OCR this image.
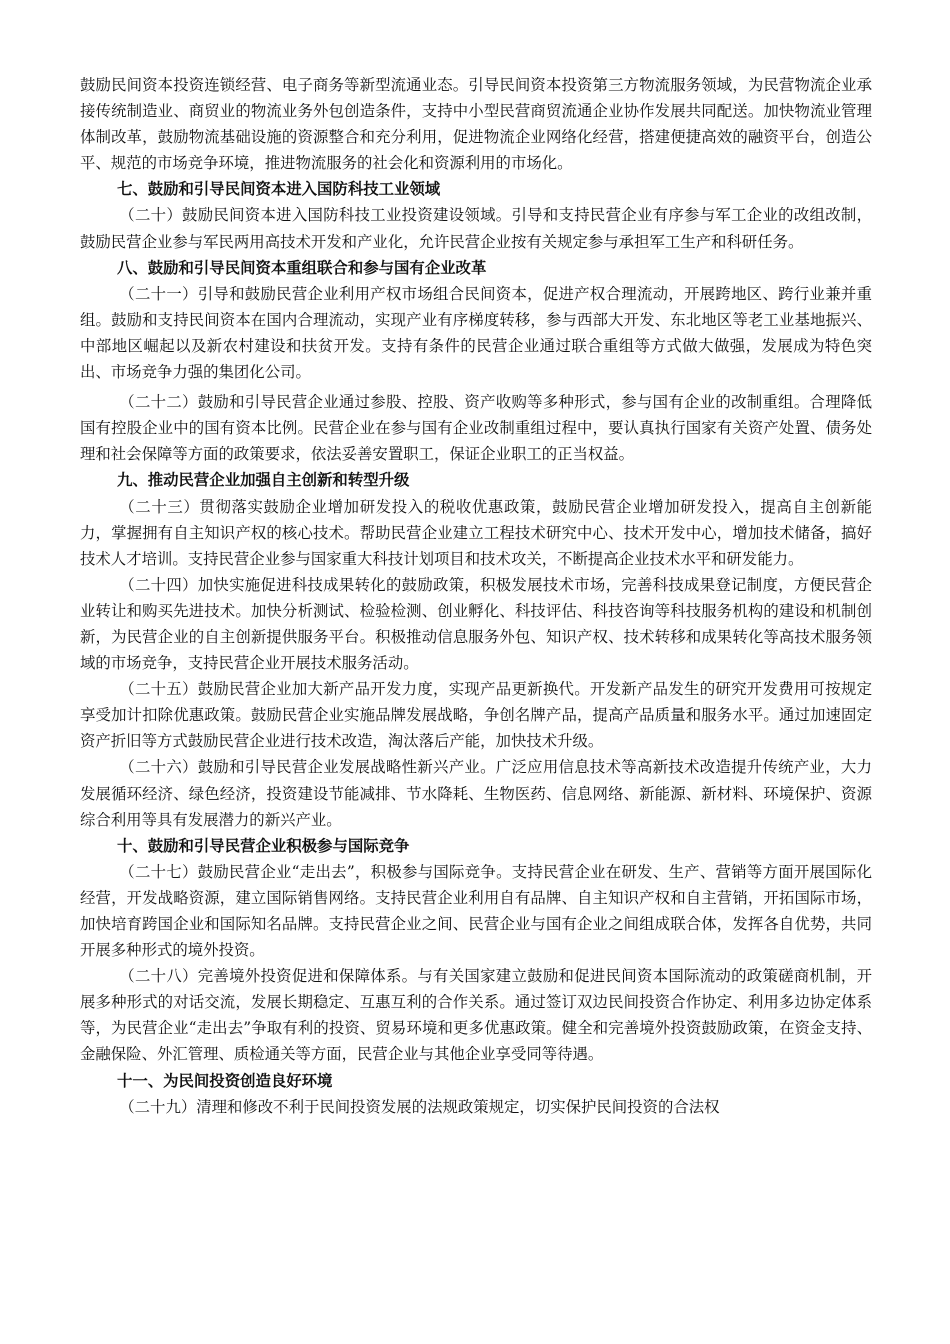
鼓励民间资本投资连锁经营、电子商务等新型流通业态。引导民间资本投资第三方物流服务领域，为民营物流企业承接传统制造业、商贸业的物流业务外包创造条件，支持中小型民营商贸流通企业协作发展共同配送。加快物流业管理体制改革，鼓励物流基础设施的资源整合和充分利用，促进物流企业网络化经营，搭建便捷高效的融资平台，创造公平、规范的市场竞争环境，推进物流服务的社会化和资源利用的市场化。

七、鼓励和引导民间资本进入国防科技工业领域

（二十）鼓励民间资本进入国防科技工业投资建设领域。引导和支持民营企业有序参与军工企业的改组改制，鼓励民营企业参与军民两用高技术开发和产业化，允许民营企业按有关规定参与承担军工生产和科研任务。

八、鼓励和引导民间资本重组联合和参与国有企业改革

（二十一）引导和鼓励民营企业利用产权市场组合民间资本，促进产权合理流动，开展跨地区、跨行业兼并重组。鼓励和支持民间资本在国内合理流动，实现产业有序梯度转移，参与西部大开发、东北地区等老工业基地振兴、中部地区崛起以及新农村建设和扶贫开发。支持有条件的民营企业通过联合重组等方式做大做强，发展成为特色突出、市场竞争力强的集团化公司。

（二十二）鼓励和引导民营企业通过参股、控股、资产收购等多种形式，参与国有企业的改制重组。合理降低国有控股企业中的国有资本比例。民营企业在参与国有企业改制重组过程中，要认真执行国家有关资产处置、债务处理和社会保障等方面的政策要求，依法妥善安置职工，保证企业职工的正当权益。

九、推动民营企业加强自主创新和转型升级

（二十三）贯彻落实鼓励企业增加研发投入的税收优惠政策，鼓励民营企业增加研发投入，提高自主创新能力，掌握拥有自主知识产权的核心技术。帮助民营企业建立工程技术研究中心、技术开发中心，增加技术储备，搞好技术人才培训。支持民营企业参与国家重大科技计划项目和技术攻关，不断提高企业技术水平和研发能力。

（二十四）加快实施促进科技成果转化的鼓励政策，积极发展技术市场，完善科技成果登记制度，方便民营企业转让和购买先进技术。加快分析测试、检验检测、创业孵化、科技评估、科技咨询等科技服务机构的建设和机制创新，为民营企业的自主创新提供服务平台。积极推动信息服务外包、知识产权、技术转移和成果转化等高技术服务领域的市场竞争，支持民营企业开展技术服务活动。

（二十五）鼓励民营企业加大新产品开发力度，实现产品更新换代。开发新产品发生的研究开发费用可按规定享受加计扣除优惠政策。鼓励民营企业实施品牌发展战略，争创名牌产品，提高产品质量和服务水平。通过加速固定资产折旧等方式鼓励民营企业进行技术改造，淘汰落后产能，加快技术升级。

（二十六）鼓励和引导民营企业发展战略性新兴产业。广泛应用信息技术等高新技术改造提升传统产业，大力发展循环经济、绿色经济，投资建设节能减排、节水降耗、生物医药、信息网络、新能源、新材料、环境保护、资源综合利用等具有发展潜力的新兴产业。

十、鼓励和引导民营企业积极参与国际竞争

（二十七）鼓励民营企业“走出去”，积极参与国际竞争。支持民营企业在研发、生产、营销等方面开展国际化经营，开发战略资源，建立国际销售网络。支持民营企业利用自有品牌、自主知识产权和自主营销，开拓国际市场，加快培育跨国企业和国际知名品牌。支持民营企业之间、民营企业与国有企业之间组成联合体，发挥各自优势，共同开展多种形式的境外投资。

（二十八）完善境外投资促进和保障体系。与有关国家建立鼓励和促进民间资本国际流动的政策磋商机制，开展多种形式的对话交流，发展长期稳定、互惠互利的合作关系。通过签订双边民间投资合作协定、利用多边协定体系等，为民营企业“走出去”争取有利的投资、贸易环境和更多优惠政策。健全和完善境外投资鼓励政策，在资金支持、金融保险、外汇管理、质检通关等方面，民营企业与其他企业享受同等待遇。

十一、为民间投资创造良好环境

（二十九）清理和修改不利于民间投资发展的法规政策规定，切实保护民间投资的合法权
